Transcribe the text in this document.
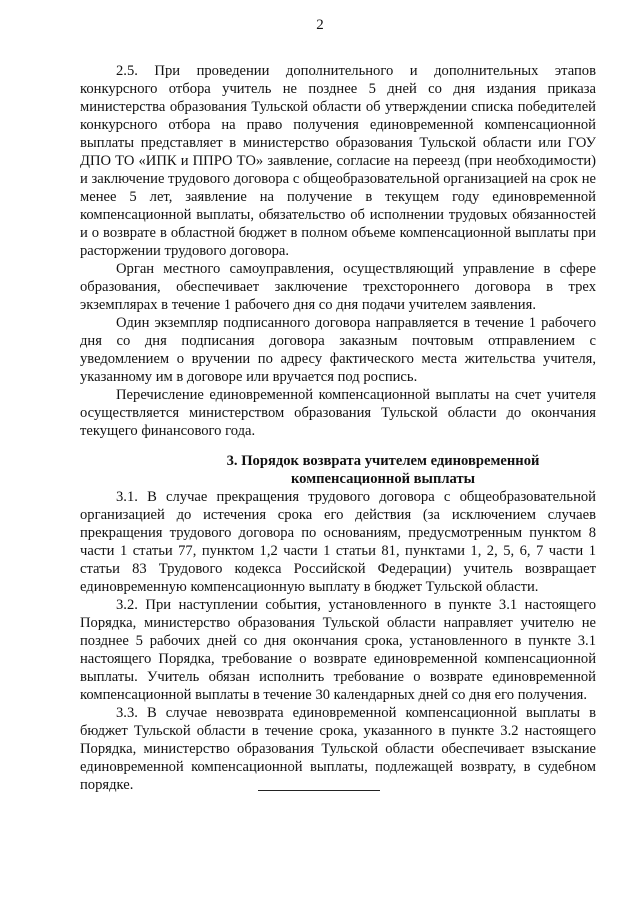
2

2.5. При проведении дополнительного и дополнительных этапов конкурсного отбора учитель не позднее 5 дней со дня издания приказа министерства образования Тульской области об утверждении списка победителей конкурсного отбора на право получения единовременной компенсационной выплаты представляет в министерство образования Тульской области или ГОУ ДПО ТО «ИПК и ППРО ТО» заявление, согласие на переезд (при необходимости) и заключение трудового договора с общеобразовательной организацией на срок не менее 5 лет, заявление на получение в текущем году единовременной компенсационной выплаты, обязательство об исполнении трудовых обязанностей и о возврате в областной бюджет в полном объеме компенсационной выплаты при расторжении трудового договора.

Орган местного самоуправления, осуществляющий управление в сфере образования, обеспечивает заключение трехстороннего договора в трех экземплярах в течение 1 рабочего дня со дня подачи учителем заявления.

Один экземпляр подписанного договора направляется в течение 1 рабочего дня со дня подписания договора заказным почтовым отправлением с уведомлением о вручении по адресу фактического места жительства учителя, указанному им в договоре или вручается под роспись.

Перечисление единовременной компенсационной выплаты на счет учителя осуществляется министерством образования Тульской области до окончания текущего финансового года.

3. Порядок возврата учителем единовременной
компенсационной выплаты

3.1. В случае прекращения трудового договора с общеобразовательной организацией до истечения срока его действия (за исключением случаев прекращения трудового договора по основаниям, предусмотренным пунктом 8 части 1 статьи 77, пунктом 1,2 части 1 статьи 81, пунктами 1, 2, 5, 6, 7 части 1 статьи 83 Трудового кодекса Российской Федерации) учитель возвращает единовременную компенсационную выплату в бюджет Тульской области.

3.2. При наступлении события, установленного в пункте 3.1 настоящего Порядка, министерство образования Тульской области направляет учителю не позднее 5 рабочих дней со дня окончания срока, установленного в пункте 3.1 настоящего Порядка, требование о возврате единовременной компенсационной выплаты. Учитель обязан исполнить требование о возврате единовременной компенсационной выплаты в течение 30 календарных дней со дня его получения.

3.3. В случае невозврата единовременной компенсационной выплаты в бюджет Тульской области в течение срока, указанного в пункте 3.2 настоящего Порядка, министерство образования Тульской области обеспечивает взыскание единовременной компенсационной выплаты, подлежащей возврату, в судебном порядке.
